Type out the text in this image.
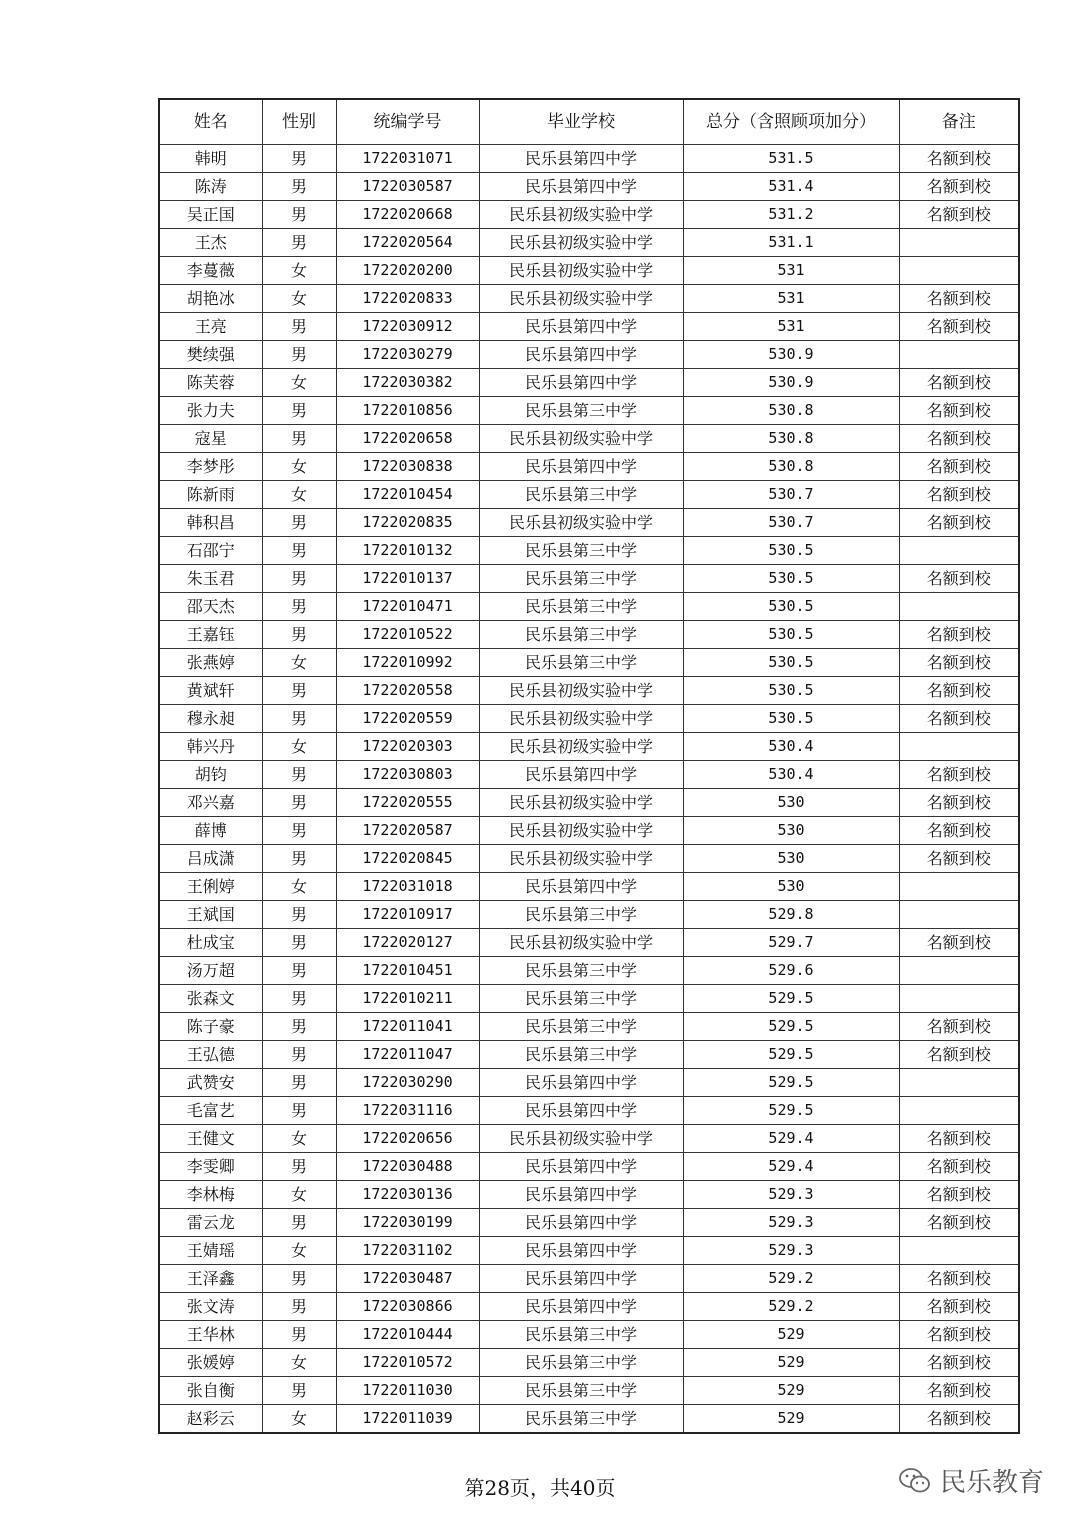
姓名	性别	统编学号	毕业学校	总分（含照顾项加分）	备注
韩明	男	1722031071	民乐县第四中学	531.5	名额到校
陈涛	男	1722030587	民乐县第四中学	531.4	名额到校
吴正国	男	1722020668	民乐县初级实验中学	531.2	名额到校
王杰	男	1722020564	民乐县初级实验中学	531.1	
李蔓薇	女	1722020200	民乐县初级实验中学	531	
胡艳冰	女	1722020833	民乐县初级实验中学	531	名额到校
王亮	男	1722030912	民乐县第四中学	531	名额到校
樊续强	男	1722030279	民乐县第四中学	530.9	
陈芙蓉	女	1722030382	民乐县第四中学	530.9	名额到校
张力夫	男	1722010856	民乐县第三中学	530.8	名额到校
寇星	男	1722020658	民乐县初级实验中学	530.8	名额到校
李梦彤	女	1722030838	民乐县第四中学	530.8	名额到校
陈新雨	女	1722010454	民乐县第三中学	530.7	名额到校
韩积昌	男	1722020835	民乐县初级实验中学	530.7	名额到校
石邵宁	男	1722010132	民乐县第三中学	530.5	
朱玉君	男	1722010137	民乐县第三中学	530.5	名额到校
邵天杰	男	1722010471	民乐县第三中学	530.5	
王嘉钰	男	1722010522	民乐县第三中学	530.5	名额到校
张燕婷	女	1722010992	民乐县第三中学	530.5	名额到校
黄斌轩	男	1722020558	民乐县初级实验中学	530.5	名额到校
穆永昶	男	1722020559	民乐县初级实验中学	530.5	名额到校
韩兴丹	女	1722020303	民乐县初级实验中学	530.4	
胡钧	男	1722030803	民乐县第四中学	530.4	名额到校
邓兴嘉	男	1722020555	民乐县初级实验中学	530	名额到校
薛博	男	1722020587	民乐县初级实验中学	530	名额到校
吕成潇	男	1722020845	民乐县初级实验中学	530	名额到校
王俐婷	女	1722031018	民乐县第四中学	530	
王斌国	男	1722010917	民乐县第三中学	529.8	
杜成宝	男	1722020127	民乐县初级实验中学	529.7	名额到校
汤万超	男	1722010451	民乐县第三中学	529.6	
张森文	男	1722010211	民乐县第三中学	529.5	
陈子豪	男	1722011041	民乐县第三中学	529.5	名额到校
王弘德	男	1722011047	民乐县第三中学	529.5	名额到校
武赞安	男	1722030290	民乐县第四中学	529.5	
毛富艺	男	1722031116	民乐县第四中学	529.5	
王健文	女	1722020656	民乐县初级实验中学	529.4	名额到校
李雯卿	男	1722030488	民乐县第四中学	529.4	名额到校
李林梅	女	1722030136	民乐县第四中学	529.3	名额到校
雷云龙	男	1722030199	民乐县第四中学	529.3	名额到校
王婧瑶	女	1722031102	民乐县第四中学	529.3	
王泽鑫	男	1722030487	民乐县第四中学	529.2	名额到校
张文涛	男	1722030866	民乐县第四中学	529.2	名额到校
王华林	男	1722010444	民乐县第三中学	529	名额到校
张媛婷	女	1722010572	民乐县第三中学	529	名额到校
张自衡	男	1722011030	民乐县第三中学	529	名额到校
赵彩云	女	1722011039	民乐县第三中学	529	名额到校
第28页，共40页	民乐教育
